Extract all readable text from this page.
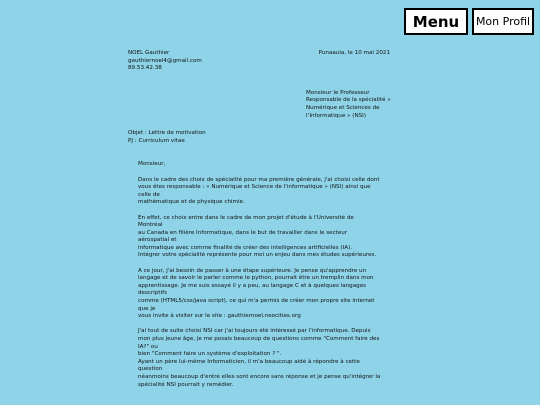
Menu	Mon Profil
NOEL Gauthier
gauthiernoel4@gmail.com
89.53.42.38
Punaauia, le 10 mai 2021
Monsieur le Professeur
Responsable de la spécialité « Numérique et Sciences de l’Informatique » (NSI)
Objet : Lettre de motivation
PJ : Curriculum vitae

Monsieur,

Dans le cadre des choix de spécialité pour ma première générale, j'ai choisi celle dont
vous êtes responsable : « Numérique et Science de l'informatique » (NSI) ainsi que
celle de
mathématique et de physique chimie.

En effet, ce choix entre dans le cadre de mon projet d'étude à l'Université de
Montréal
au Canada en filière Informatique, dans le but de travailler dans le secteur
aérospatial et
informatique avec comme finalité de créer des intelligences artificielles (IA).
Intégrer votre spécialité représente pour moi un enjeu dans mes études supérieures.

A ce jour, j'ai besoin de passer à une étape supérieure. Je pense qu'apprendre un
langage et de savoir le parler comme le python, pourrait être un tremplin dans mon
apprentissage. Je me suis essayé il y a peu, au langage C et à quelques langages
descriptifs
comme (HTML5/css/java script), ce qui m'a permis de créer mon propre site internet
que je
vous invite à visiter sur le site : gauthiernoel.neocities.org

J'ai tout de suite choisi NSI car j'ai toujours été intéressé par l'informatique. Depuis
mon plus jeune âge, je me posais beaucoup de questions comme "Comment faire des
IA?" ou
bien "Comment faire un système d'exploitation ? ".
Ayant un père lui-même Informaticien, il m'a beaucoup aidé à répondre à cette
question
néanmoins beaucoup d'entre elles sont encore sans réponse et je pense qu'intégrer la
spécialité NSI pourrait y remédier.
